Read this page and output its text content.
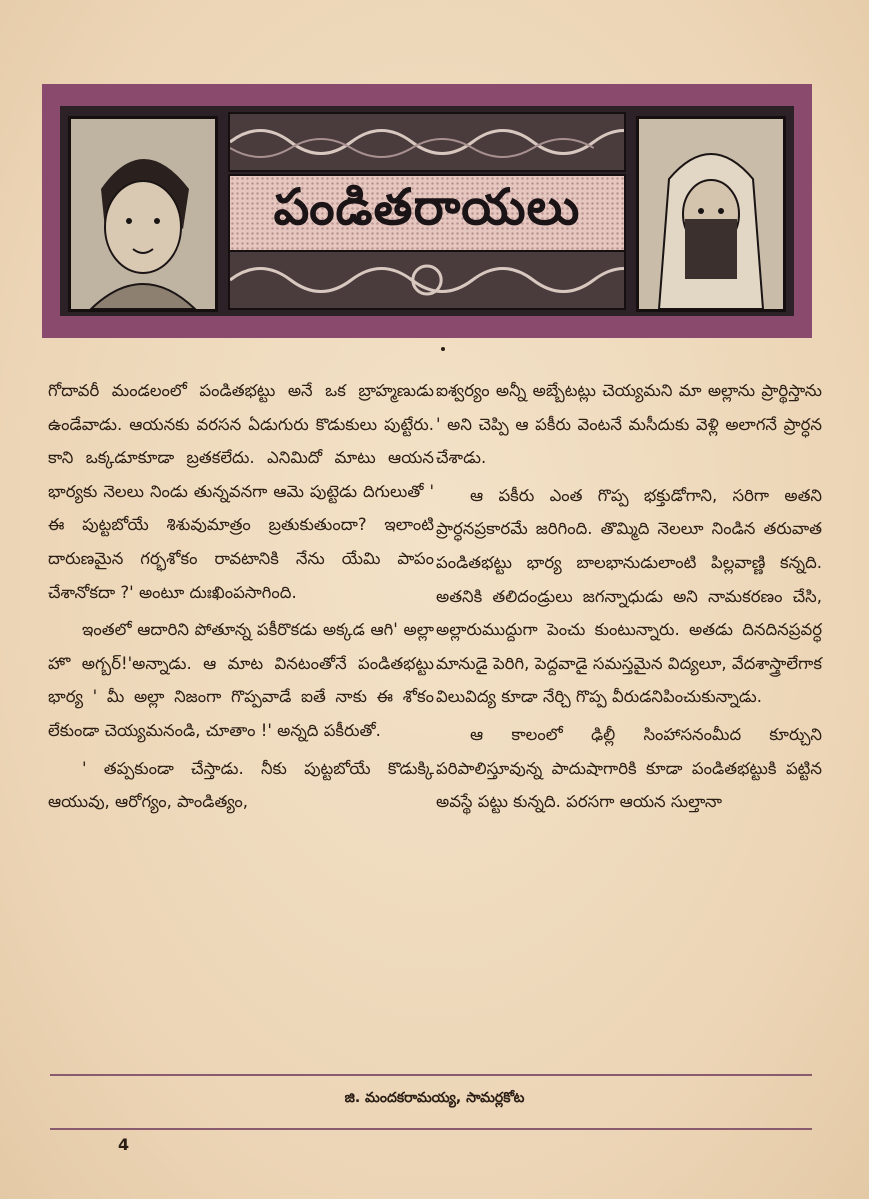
పండితరాయలు

గోదావరీ మండలంలో పండితభట్టు అనే ఒక బ్రాహ్మణుడు ఉండేవాడు. ఆయనకు వరసన ఏడుగురు కొడుకులు పుట్టేరు. కాని ఒక్కడూకూడా బ్రతకలేదు. ఎనిమిదో మాటు ఆయన భార్యకు నెలలు నిండు తున్నవనగా ఆమె పుట్టెడు దిగులుతో ' ఈ పుట్టబోయే శిశువుమాత్రం బ్రతుకుతుందా? ఇలాంటి దారుణమైన గర్భశోకం రావటానికి నేను యేమి పాపం చేశానోకదా ?' అంటూ దుఃఖింపసాగింది.

ఇంతలో ఆదారిని పోతూన్న పకీరొకడు అక్కడ ఆగి' అల్లా హొ అగ్బర్!'అన్నాడు. ఆ మాట వినటంతోనే పండితభట్టు భార్య ' మీ అల్లా నిజంగా గొప్పవాడే ఐతే నాకు ఈ శోకం లేకుండా చెయ్యమనండి, చూతాం !' అన్నది పకీరుతో.

' తప్పకుండా చేస్తాడు. నీకు పుట్టబోయే కొడుక్కి ఆయువు, ఆరోగ్యం, పాండిత్యం,

ఐశ్వర్యం అన్నీ అబ్బేటట్లు చెయ్యమని మా అల్లాను ప్రార్థిస్తాను ' అని చెప్పి ఆ పకీరు వెంటనే మసీదుకు వెళ్లి అలాగనే ప్రార్ధన చేశాడు.

ఆ పకీరు ఎంత గొప్ప భక్తుడోగాని, సరిగా అతని ప్రార్ధనప్రకారమే జరిగింది. తొమ్మిది నెలలూ నిండిన తరువాత పండితభట్టు భార్య బాలభానుడులాంటి పిల్లవాణ్ణి కన్నది. అతనికి తలిదండ్రులు జగన్నాధుడు అని నామకరణం చేసి, అల్లారుముద్దుగా పెంచు కుంటున్నారు. అతడు దినదినప్రవర్ధ మానుడై పెరిగి, పెద్దవాడై సమస్తమైన విద్యలూ, వేదశాస్త్రాలేగాక విలువిద్య కూడా నేర్చి గొప్ప వీరుడనిపించుకున్నాడు.

ఆ కాలంలో ఢిల్లీ సింహాసనంమీద కూర్చుని పరిపాలిస్తూవున్న పాదుషాగారికి కూడా పండితభట్టుకి పట్టిన అవస్థే పట్టు కున్నది. పరసగా ఆయన సుల్తానా

జి. మందకరామయ్య, సామర్లకోట
4
